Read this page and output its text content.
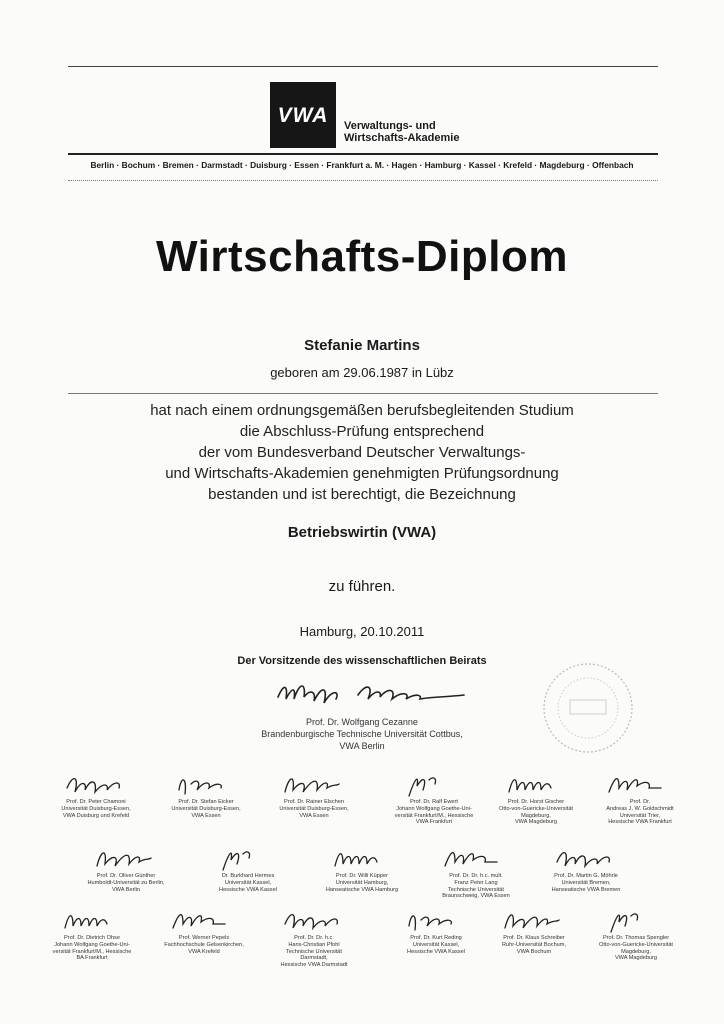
VWA	Verwaltungs- und
Wirtschafts-Akademie
Berlin · Bochum · Bremen · Darmstadt · Duisburg · Essen · Frankfurt a. M. · Hagen · Hamburg · Kassel · Krefeld · Magdeburg · Offenbach
Wirtschafts-Diplom
Stefanie Martins
geboren am 29.06.1987 in Lübz
hat nach einem ordnungsgemäßen berufsbegleitenden Studium
die Abschluss-Prüfung entsprechend
der vom Bundesverband Deutscher Verwaltungs-
und Wirtschafts-Akademien genehmigten Prüfungsordnung
bestanden und ist berechtigt, die Bezeichnung
Betriebswirtin (VWA)
zu führen.
Hamburg, 20.10.2011
Der Vorsitzende des wissenschaftlichen Beirats
Prof. Dr. Wolfgang Cezanne
Brandenburgische Technische Universität Cottbus,
VWA Berlin
Prof. Dr. Peter Chamoni
Universität Duisburg-Essen,
VWA Duisburg und Krefeld
Prof. Dr. Stefan Eicker
Universität Duisburg-Essen,
VWA Essen
Prof. Dr. Rainer Elschen
Universität Duisburg-Essen,
VWA Essen
Prof. Dr. Ralf Ewert
Johann Wolfgang Goethe-Uni-
versität Frankfurt/M., Hessische
VWA Frankfurt
Prof. Dr. Horst Gischer
Otto-von-Guericke-Universität
Magdeburg,
VWA Magdeburg
Prof. Dr.
Andreas J. W. Goldschmidt
Universität Trier,
Hessische VWA Frankfurt
Prof. Dr. Oliver Günther
Humboldt-Universität zu Berlin,
VWA Berlin
Dr. Burkhard Hermes
Universität Kassel,
Hessische VWA Kassel
Prof. Dr. Willi Küpper
Universität Hamburg,
Hanseatische VWA Hamburg
Prof. Dr. Dr. h.c. mult.
Franz Peter Lang
Technische Universität
Braunschweig, VWA Essen
Prof. Dr. Martin G. Möhrle
Universität Bremen,
Hanseatische VWA Bremen
Prof. Dr. Dietrich Ohse
Johann Wolfgang Goethe-Uni-
versität Frankfurt/M., Hessische
BA Frankfurt
Prof. Werner Pepels
Fachhochschule Gelsenkirchen,
VWA Krefeld
Prof. Dr. Dr. h.c.
Hans-Christian Pfohl
Technische Universität
Darmstadt,
Hessische VWA Darmstadt
Prof. Dr. Kurt Reding
Universität Kassel,
Hessische VWA Kassel
Prof. Dr. Klaus Schreiber
Ruhr-Universität Bochum,
VWA Bochum
Prof. Dr. Thomas Spengler
Otto-von-Guericke-Universität
Magdeburg,
VWA Magdeburg
